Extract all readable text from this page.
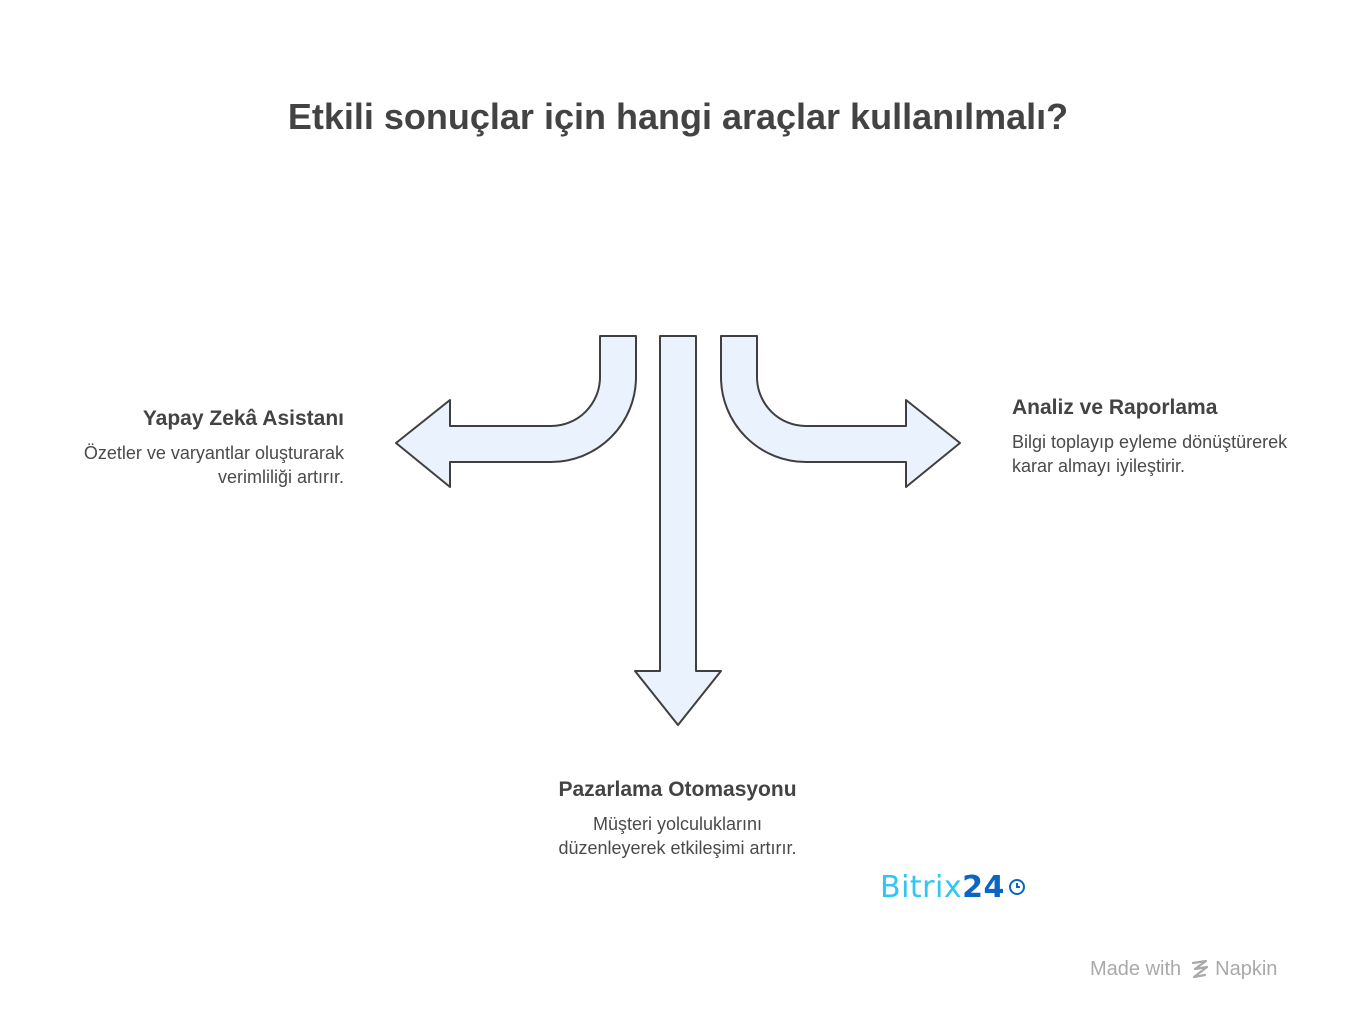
Etkili sonuçlar için hangi araçlar kullanılmalı?
Yapay Zekâ Asistanı

Özetler ve varyantlar oluşturarak verimliliği artırır.

Analiz ve Raporlama

Bilgi toplayıp eyleme dönüştürerek karar almayı iyileştirir.

Pazarlama Otomasyonu

Müşteri yolculuklarını düzenleyerek etkileşimi artırır.

Bitrix 24
Made with Napkin
